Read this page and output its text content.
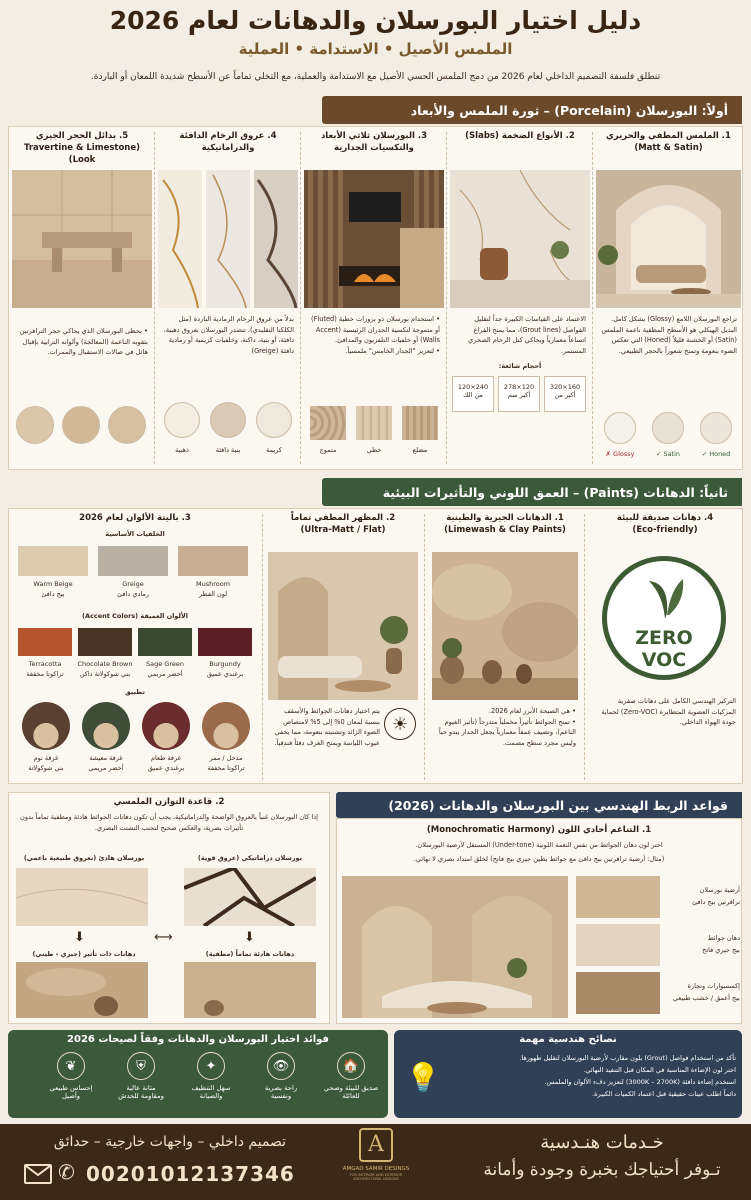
دليل اختيار البورسلان والدهانات لعام 2026
الملمس الأصيل • الاستدامة • العملية
تنطلق فلسفة التصميم الداخلي لعام 2026 من دمج الملمس الحسي الأصيل مع الاستدامة والعملية، مع التخلي تماماً عن الأسطح شديدة اللمعان أو الباردة.
أولاً: البورسلان (Porcelain) – ثورة الملمس والأبعاد
1. الملمس المطفي والحريري
(Matt & Satin)
تراجع البورسلان اللامع (Glossy) بشكل كامل. البديل الهيكلي هو الأسطح المطفية ناعمة الملمس (Satin) أو الخشنة قليلاً (Honed) التي تعكس الضوء بنعومة وتمنح شعوراً بالحجر الطبيعي.
Honed ✓
Satin ✓
Glossy ✗
2. الأنواع الضخمة (Slabs)
الاعتماد على القياسات الكبيرة جداً لتقليل الفواصل (Grout lines)، مما يمنح الفراغ اتساعاً معمارياً ويحاكي كتل الرخام الصخري المستمر.
أحجام شائعة:
160×320
أكبر من
120×278
أكبر سم
240×120
من الك
3. البورسلان ثلاثي الأبعاد
والتكسيات الجدارية
• استخدام بورسلان ذو بروزات خطية (Fluted) أو متموجة لتكسية الجدران الرئيسية (Accent Walls) أو خلفيات التلفزيون والمدافئ.
• لتعزيز "الجدار الخامس" ملمسياً.
مضلع
خطي
متموج
4. عروق الرخام الدافئة والدراماتيكية
بدلاً من عروق الرخام الرمادية الباردة (مثل الكلكتا التقليدي)، تتصدر البورسلان بعروق ذهبية، دافئة، أو بنية، داكنة، وخلفيات كريمية أو رمادية دافئة (Greige)
كريمة
بنية دافئة
ذهبية
5. بدائل الحجر الجيري
(Travertine & Limestone Look)
• يحظى البورسلان الذي يحاكي حجر الترافرتين بثقوبه الناعمة (المعالجة) وألوانه الترابية بإقبال هائل في صالات الاستقبال والممرات.
ثانياً: الدهانات (Paints) – العمق اللوني والتأثيرات البيئية
4. دهانات صديقة للبيئة
(Eco-friendly)
ZERO
VOC
التركيز الهندسي الكامل على دهانات صفرية المركبات العضوية المتطايرة (Zero-VOC) لحماية جودة الهواء الداخلي.
1. الدهانات الجيرية والطينية
(Limewash & Clay Paints)
• هي الصيحة الأبرز لعام 2026.
• تمنح الجوائط تأثيراً مخملياً متدرجاً (تأثير الغيوم الناعم)، وتضيف عمقاً معمارياً يجعل الجدار يبدو حياً وليس مجرد سطح مصمت.
2. المظهر المطفي تماماً
(Ultra-Matt / Flat)
☀
يتم اختيار دهانات الجوائط والأسقف بنسبة لمعان 0% إلى 5% لامتصاص الضوء الزائد وتشتيته بنعومة، مما يخفي عيوب اللياسة ويمنح الغرف دفئاً فندقياً.
3. باليتة الألوان لعام 2026
الخلفيات الأساسية
الألوان العميقة (Accent Colors)
تطبيق
Mushroom
لون الفطر
Greige
رمادي دافئ
Warm Beige
بيج دافئ
Burgundy
برغندي عميق
Sage Green
أخضر مريمي
Chocolate Brown
بني شوكولاتة داكن
Terracotta
تراكوتا مخففة
مدخل / ممر
تراكوتا مخففة
غرفة طعام
برغندي عميق
غرفة معيشة
أخضر مريمي
غرفة نوم
بني شوكولاتة
قواعد الربط الهندسي بين البورسلان والدهانات (2026)
1. التناغم أحادي اللون (Monochromatic Harmony)
اختر لون دهان الجوائط من نفس النغمة اللونية (Under-tone) المستقل لأرضية البورسلان.
(مثال: أرضية ترافرتين بيج دافئ مع جوائط بطين جيري بيج فاتح) لخلق امتداد بصري لا نهائي.
2. قاعدة التوازن الملمسي
إذا كان البورسلان غنياً بالعروق الواضحة والدراماتيكية، يجب أن تكون دهانات الجوائط هادئة ومطفية تماماً بدون تأثيرات بصرية، والعكس صحيح لتجنب التشتت البصري.
بورسلان دراماتيكي (عروق قوية)
بورسلان هادئ (نعروق طبيعية ناعمي)
⬇
⬇	⟷
دهانات هادئة تماماً (مطفية)
دهانات ذات تأثير (جيري - طيني)
فوائد اختيار البورسلان والدهانات وفقاً لصيحات 2026	نصائح هندسية مهمة
💡
تأكد من استخدام فواصل (Grout) بلون مقارب لأرضية البورسلان لتقليل ظهورها.
اختر لون الإضاءة المناسبة في المكان قبل التنفيذ النهائي.
استخدم إضاءة دافئة (3000K – 2700K) لتعزيز دفء الألوان والملمس.
دائماً اطلب عينات حقيقية قبل اعتماد الكميات الكبيرة.
خـدمات هنـدسية
تـوفر أحتياجك بخبرة وجودة وأمانة
A
AMGAD SAMIR DESINGS
FOR INTERIOR AND EXTERIOR ARCHITECTURAL DESIGNS
تصميم داخلي – واجهات خارجية – حدائق
✆ 00201012137346
أرضية بورسلان
ترافرتين بيج دافئ
دهان جوائط
بيج جيري فاتح
إكسسوارات ونجارة
بيج أعمق / خشب طبيعي
🏠
صديق للبيئة وصحي
للعائلة
👁
راحة بصرية
ونفسية
✦
سهل التنظيف
والصيانة
⛨
متانة عالية
ومقاومة للخدش
❦
إحساس طبيعي
وأصيل
